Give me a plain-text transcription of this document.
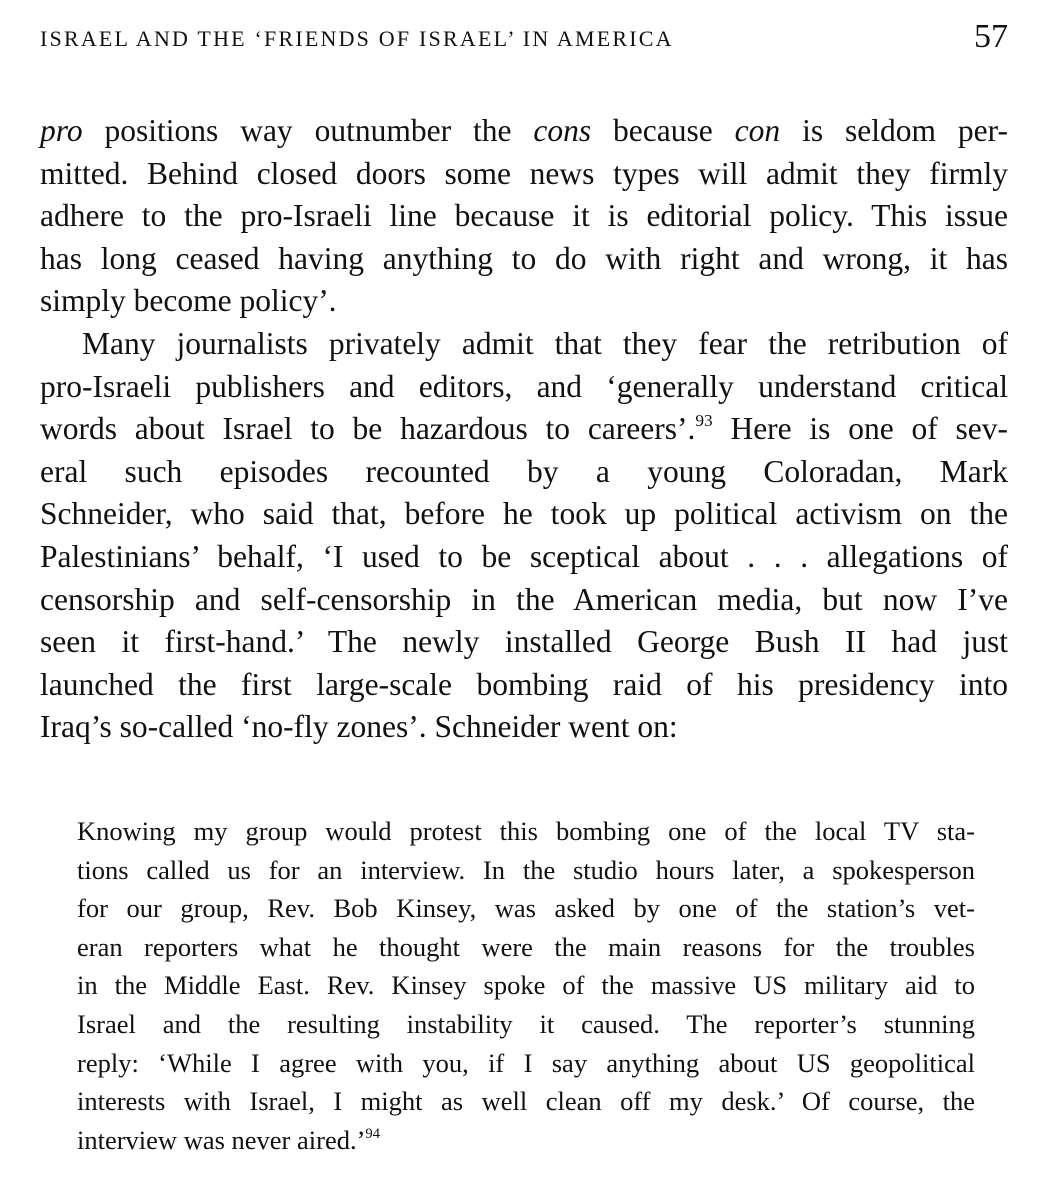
ISRAEL AND THE ‘FRIENDS OF ISRAEL’ IN AMERICA	57
pro positions way outnumber the cons because con is seldom per-
mitted. Behind closed doors some news types will admit they firmly
adhere to the pro-Israeli line because it is editorial policy. This issue
has long ceased having anything to do with right and wrong, it has
simply become policy’.
Many journalists privately admit that they fear the retribution of
pro-Israeli publishers and editors, and ‘generally understand critical
words about Israel to be hazardous to careers’.$^{93}$ Here is one of sev-
eral such episodes recounted by a young Coloradan, Mark
Schneider, who said that, before he took up political activism on the
Palestinians’ behalf, ‘I used to be sceptical about . . . allegations of
censorship and self-censorship in the American media, but now I’ve
seen it first-hand.’ The newly installed George Bush II had just
launched the first large-scale bombing raid of his presidency into
Iraq’s so-called ‘no-fly zones’. Schneider went on:
Knowing my group would protest this bombing one of the local TV sta-
tions called us for an interview. In the studio hours later, a spokesperson
for our group, Rev. Bob Kinsey, was asked by one of the station’s vet-
eran reporters what he thought were the main reasons for the troubles
in the Middle East. Rev. Kinsey spoke of the massive US military aid to
Israel and the resulting instability it caused. The reporter’s stunning
reply: ‘While I agree with you, if I say anything about US geopolitical
interests with Israel, I might as well clean off my desk.’ Of course, the
interview was never aired.’$^{94}$
